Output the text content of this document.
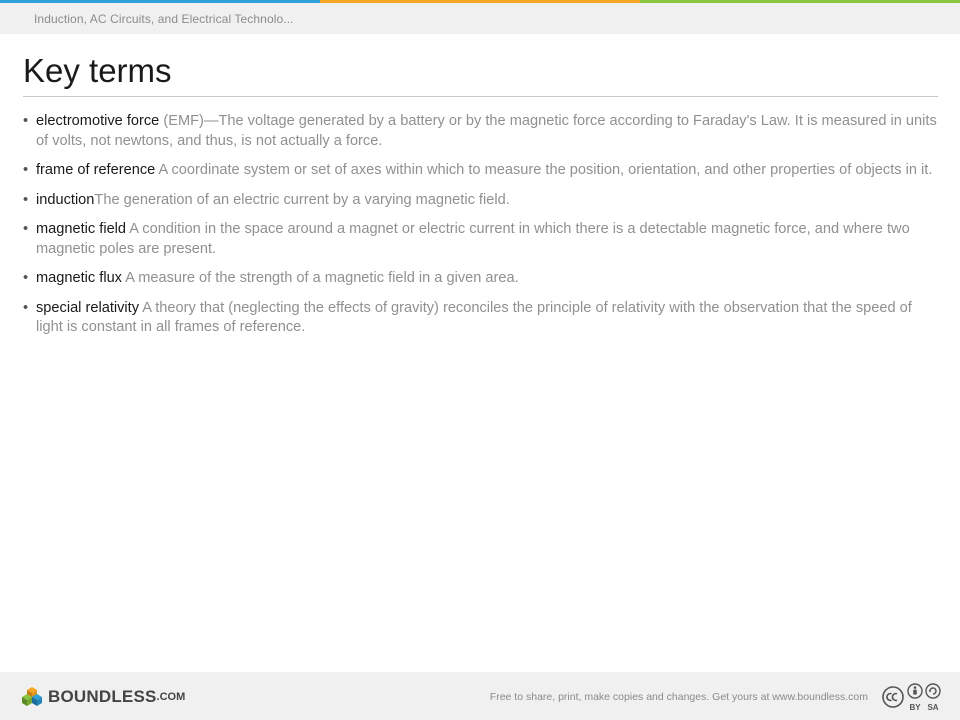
Induction, AC Circuits, and Electrical Technolo...
Key terms
• electromotive force (EMF)—The voltage generated by a battery or by the magnetic force according to Faraday's Law. It is measured in units of volts, not newtons, and thus, is not actually a force.
• frame of reference A coordinate system or set of axes within which to measure the position, orientation, and other properties of objects in it.
• inductionThe generation of an electric current by a varying magnetic field.
• magnetic field A condition in the space around a magnet or electric current in which there is a detectable magnetic force, and where two magnetic poles are present.
• magnetic flux A measure of the strength of a magnetic field in a given area.
• special relativity A theory that (neglecting the effects of gravity) reconciles the principle of relativity with the observation that the speed of light is constant in all frames of reference.
BOUNDLESS .COM	Free to share, print, make copies and changes. Get yours at www.boundless.com
BY SA
